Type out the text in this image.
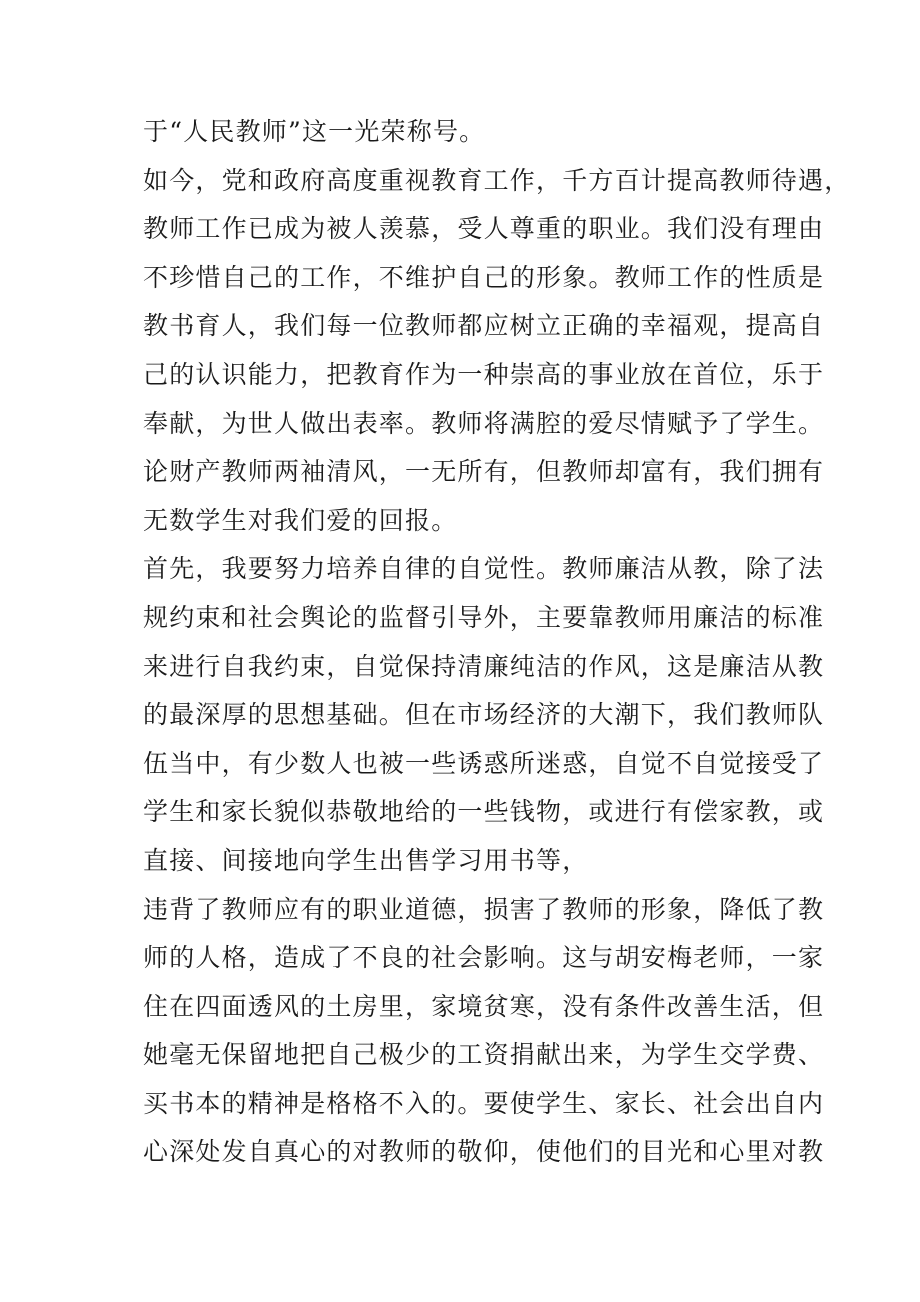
于“人民教师”这一光荣称号。
如今，党和政府高度重视教育工作，千方百计提高教师待遇，
教师工作已成为被人羡慕，受人尊重的职业。我们没有理由
不珍惜自己的工作，不维护自己的形象。教师工作的性质是
教书育人，我们每一位教师都应树立正确的幸福观，提高自
己的认识能力，把教育作为一种崇高的事业放在首位，乐于
奉献，为世人做出表率。教师将满腔的爱尽情赋予了学生。
论财产教师两袖清风，一无所有，但教师却富有，我们拥有
无数学生对我们爱的回报。
首先，我要努力培养自律的自觉性。教师廉洁从教，除了法
规约束和社会舆论的监督引导外，主要靠教师用廉洁的标准
来进行自我约束，自觉保持清廉纯洁的作风，这是廉洁从教
的最深厚的思想基础。但在市场经济的大潮下，我们教师队
伍当中，有少数人也被一些诱惑所迷惑，自觉不自觉接受了
学生和家长貌似恭敬地给的一些钱物，或进行有偿家教，或
直接、间接地向学生出售学习用书等，
违背了教师应有的职业道德，损害了教师的形象，降低了教
师的人格，造成了不良的社会影响。这与胡安梅老师，一家
住在四面透风的土房里，家境贫寒，没有条件改善生活，但
她毫无保留地把自己极少的工资捐献出来，为学生交学费、
买书本的精神是格格不入的。要使学生、家长、社会出自内
心深处发自真心的对教师的敬仰，使他们的目光和心里对教
